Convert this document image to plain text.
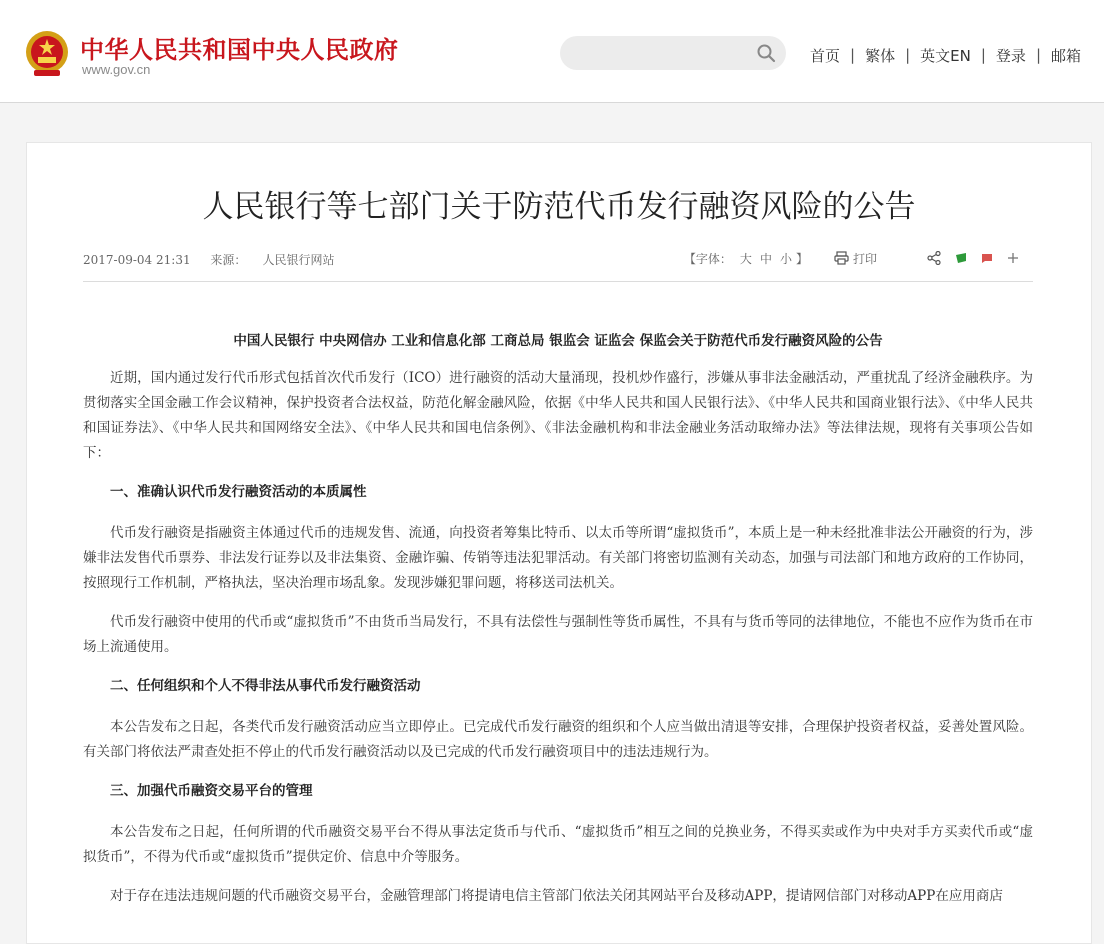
中华人民共和国中央人民政府
www.gov.cn
首页 | 繁体 | 英文EN | 登录 | 邮箱
人民银行等七部门关于防范代币发行融资风险的公告
2017-09-04 21:31 来源： 人民银行网站	【字体： 大 中 小 】	打印

中国人民银行 中央网信办 工业和信息化部 工商总局 银监会 证监会 保监会关于防范代币发行融资风险的公告

近期，国内通过发行代币形式包括首次代币发行（ICO）进行融资的活动大量涌现，投机炒作盛行，涉嫌从事非法金融活动，严重扰乱了经济金融秩序。为贯彻落实全国金融工作会议精神，保护投资者合法权益，防范化解金融风险，依据《中华人民共和国人民银行法》、《中华人民共和国商业银行法》、《中华人民共和国证券法》、《中华人民共和国网络安全法》、《中华人民共和国电信条例》、《非法金融机构和非法金融业务活动取缔办法》等法律法规，现将有关事项公告如下：

一、准确认识代币发行融资活动的本质属性

代币发行融资是指融资主体通过代币的违规发售、流通，向投资者筹集比特币、以太币等所谓“虚拟货币”，本质上是一种未经批准非法公开融资的行为，涉嫌非法发售代币票券、非法发行证券以及非法集资、金融诈骗、传销等违法犯罪活动。有关部门将密切监测有关动态，加强与司法部门和地方政府的工作协同，按照现行工作机制，严格执法，坚决治理市场乱象。发现涉嫌犯罪问题，将移送司法机关。

代币发行融资中使用的代币或“虚拟货币”不由货币当局发行，不具有法偿性与强制性等货币属性，不具有与货币等同的法律地位，不能也不应作为货币在市场上流通使用。

二、任何组织和个人不得非法从事代币发行融资活动

本公告发布之日起，各类代币发行融资活动应当立即停止。已完成代币发行融资的组织和个人应当做出清退等安排，合理保护投资者权益，妥善处置风险。有关部门将依法严肃查处拒不停止的代币发行融资活动以及已完成的代币发行融资项目中的违法违规行为。

三、加强代币融资交易平台的管理

本公告发布之日起，任何所谓的代币融资交易平台不得从事法定货币与代币、“虚拟货币”相互之间的兑换业务，不得买卖或作为中央对手方买卖代币或“虚拟货币”，不得为代币或“虚拟货币”提供定价、信息中介等服务。

对于存在违法违规问题的代币融资交易平台，金融管理部门将提请电信主管部门依法关闭其网站平台及移动APP，提请网信部门对移动APP在应用商店
